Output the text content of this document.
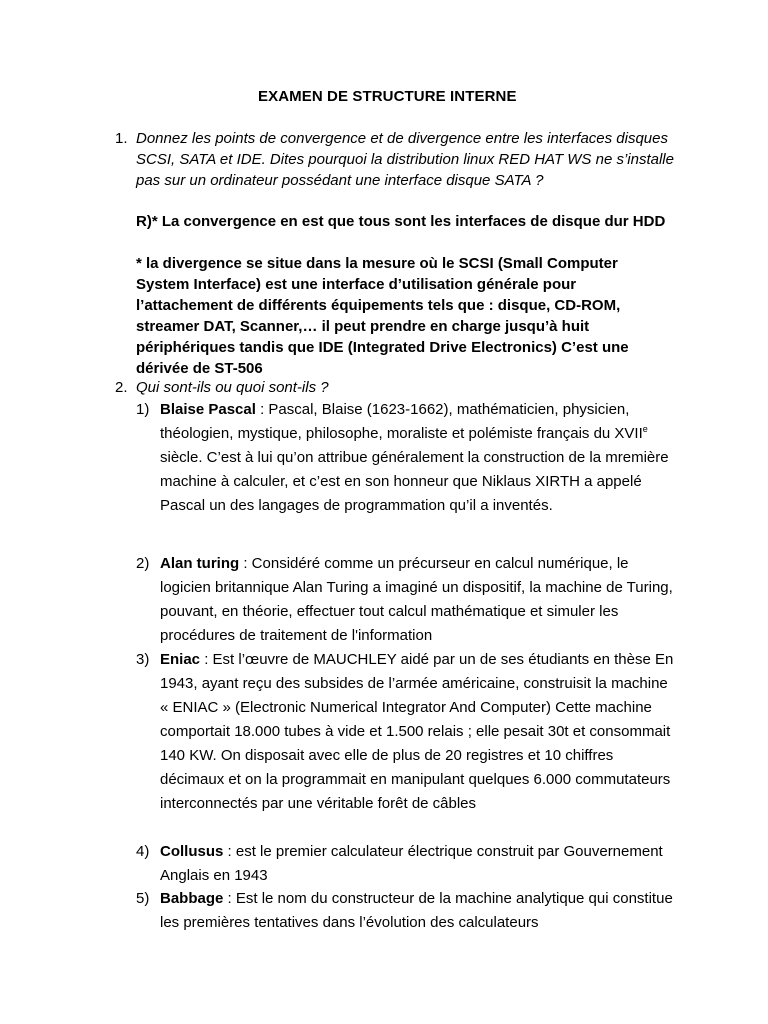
EXAMEN DE STRUCTURE INTERNE
1. Donnez les points de convergence et de divergence entre les interfaces disques SCSI, SATA et IDE. Dites pourquoi la distribution linux RED HAT WS ne s’installe pas sur un ordinateur possédant une interface disque SATA ?
R)* La convergence en est que tous sont les interfaces de disque dur HDD
* la divergence se situe dans la mesure où le SCSI (Small Computer System Interface) est une interface d’utilisation générale pour l’attachement de différents équipements tels que : disque, CD-ROM, streamer DAT, Scanner,… il peut prendre en charge jusqu’à huit périphériques tandis que IDE (Integrated Drive Electronics) C’est une dérivée de ST-506
2. Qui sont-ils ou quoi sont-ils ?
1) Blaise Pascal : Pascal, Blaise (1623-1662), mathématicien, physicien, théologien, mystique, philosophe, moraliste et polémiste français du XVIIe siècle. C’est à lui qu’on attribue généralement la construction de la mremière machine à calculer, et c’est en son honneur que Niklaus XIRTH a appelé Pascal un des langages de programmation qu’il a inventés.
2) Alan turing : Considéré comme un précurseur en calcul numérique, le logicien britannique Alan Turing a imaginé un dispositif, la machine de Turing, pouvant, en théorie, effectuer tout calcul mathématique et simuler les procédures de traitement de l'information
3) Eniac : Est l’œuvre de MAUCHLEY aidé par un de ses étudiants en thèse En 1943, ayant reçu des subsides de l’armée américaine, construisit la machine « ENIAC » (Electronic Numerical Integrator And Computer) Cette machine comportait 18.000 tubes à vide et 1.500 relais ; elle pesait 30t et consommait 140 KW. On disposait avec elle de plus de 20 registres et 10 chiffres décimaux et on la programmait en manipulant quelques 6.000 commutateurs interconnectés par une véritable forêt de câbles
4) Collusus : est le premier calculateur électrique construit par Gouvernement Anglais en 1943
5) Babbage : Est le nom du constructeur de la machine analytique qui constitue les premières tentatives dans l’évolution des calculateurs
